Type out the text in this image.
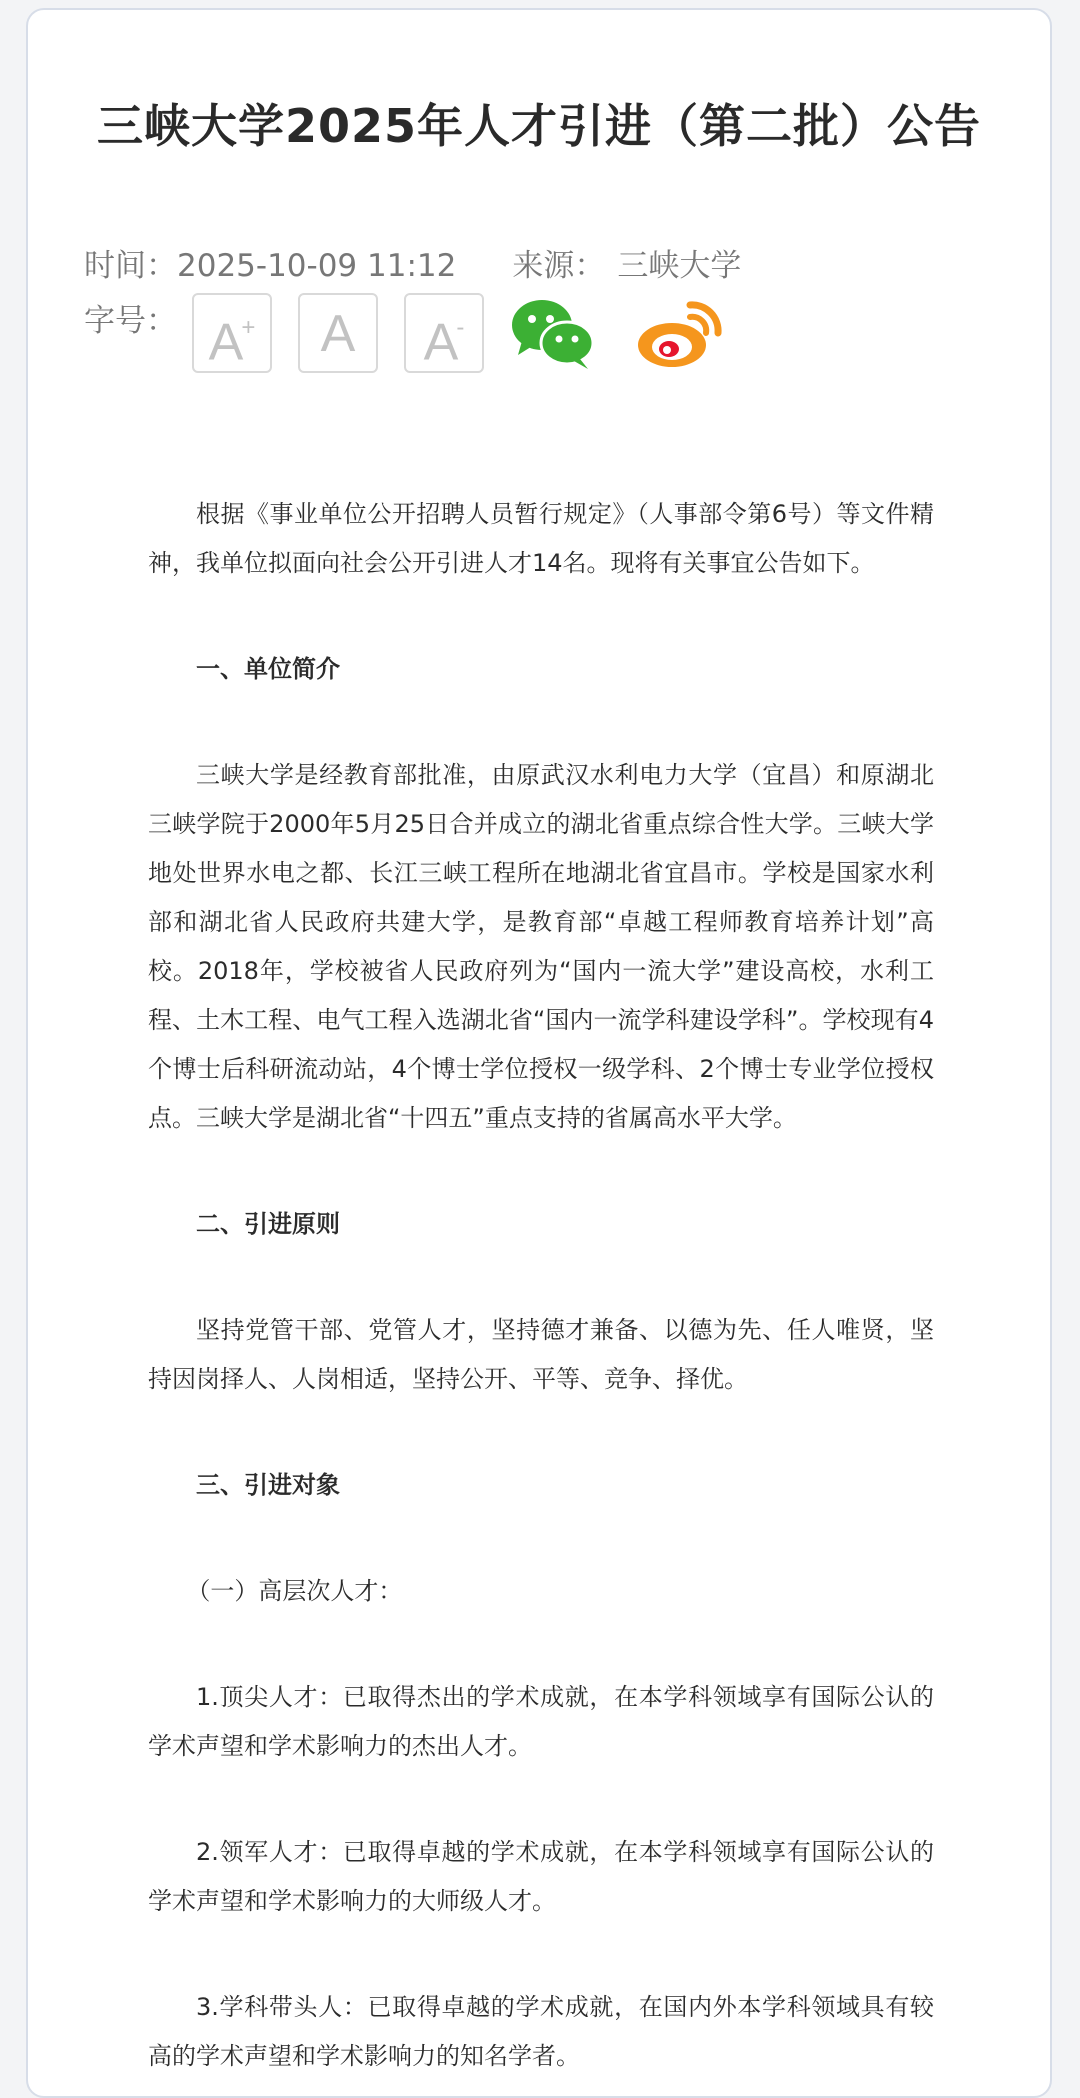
三峡大学2025年人才引进（第二批）公告
时间：2025-10-09 11:12 来源： 三峡大学
字号： A+	A	A-

根据《事业单位公开招聘人员暂行规定》（人事部令第6号）等文件精神，我单位拟面向社会公开引进人才14名。现将有关事宜公告如下。

一、单位简介

三峡大学是经教育部批准，由原武汉水利电力大学（宜昌）和原湖北三峡学院于2000年5月25日合并成立的湖北省重点综合性大学。三峡大学地处世界水电之都、长江三峡工程所在地湖北省宜昌市。学校是国家水利部和湖北省人民政府共建大学，是教育部“卓越工程师教育培养计划”高校。2018年，学校被省人民政府列为“国内一流大学”建设高校，水利工程、土木工程、电气工程入选湖北省“国内一流学科建设学科”。学校现有4个博士后科研流动站，4个博士学位授权一级学科、2个博士专业学位授权点。三峡大学是湖北省“十四五”重点支持的省属高水平大学。

二、引进原则

坚持党管干部、党管人才，坚持德才兼备、以德为先、任人唯贤，坚持因岗择人、人岗相适，坚持公开、平等、竞争、择优。

三、引进对象

（一）高层次人才：

1.顶尖人才：已取得杰出的学术成就，在本学科领域享有国际公认的学术声望和学术影响力的杰出人才。

2.领军人才：已取得卓越的学术成就，在本学科领域享有国际公认的学术声望和学术影响力的大师级人才。

3.学科带头人：已取得卓越的学术成就，在国内外本学科领域具有较高的学术声望和学术影响力的知名学者。
